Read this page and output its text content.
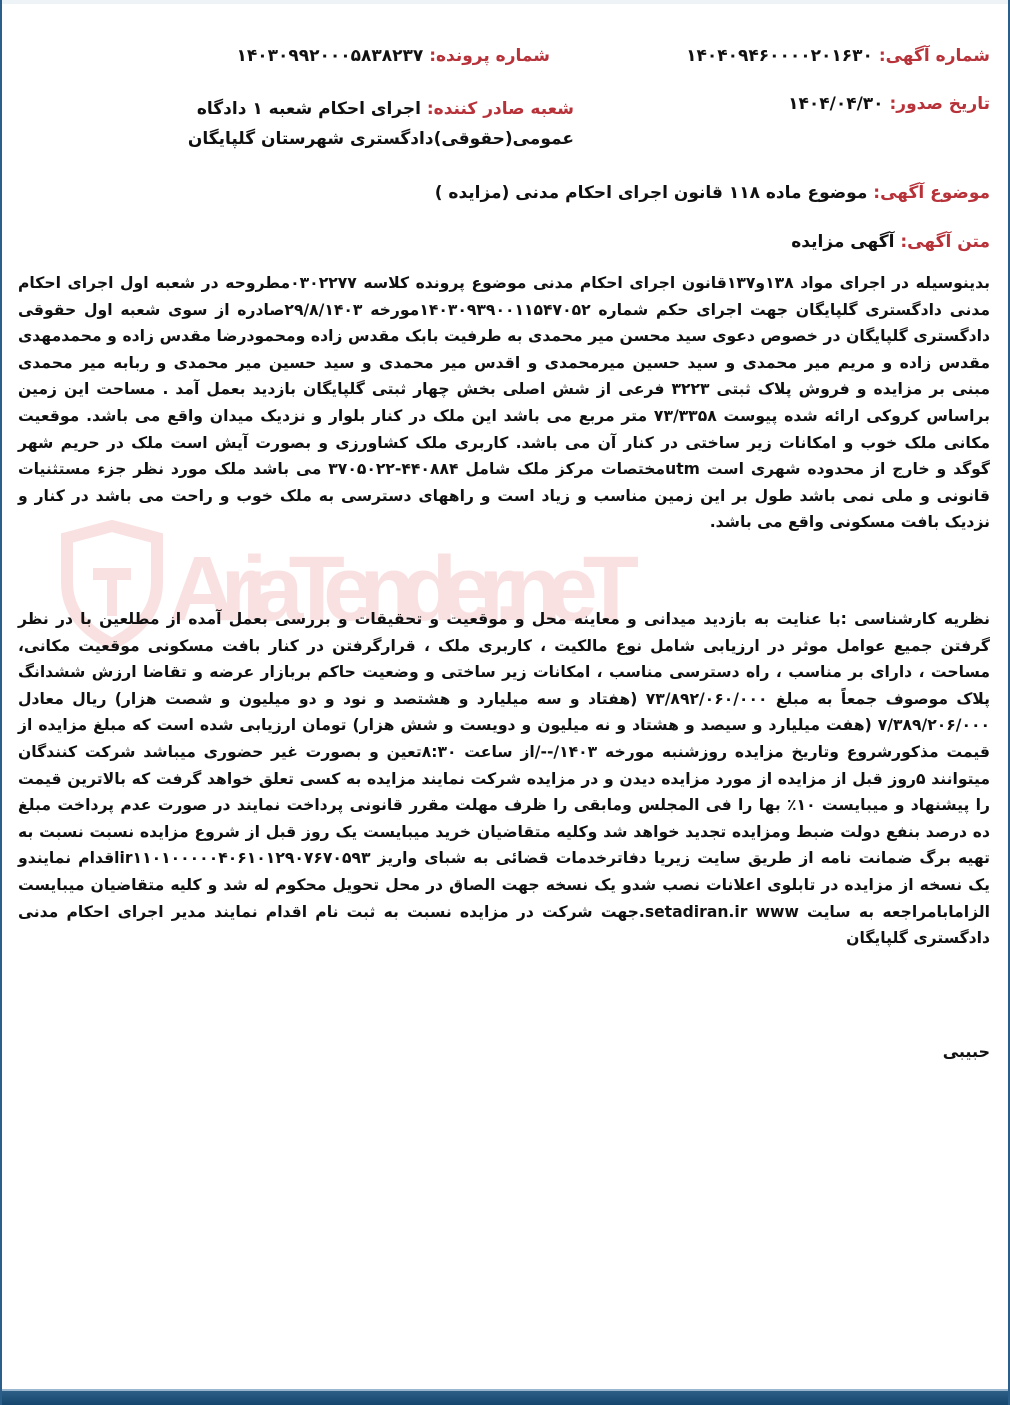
AriaTender.neT
شماره آگهی: ۱۴۰۴۰۹۴۶۰۰۰۰۲۰۱۶۳۰
شماره پرونده: ۱۴۰۳۰۹۹۲۰۰۰۵۸۳۸۲۳۷
تاریخ صدور: ۱۴۰۴/۰۴/۳۰
شعبه صادر کننده: اجرای احکام شعبه ۱ دادگاه عمومی(حقوقی)دادگستری شهرستان گلپایگان
موضوع آگهی: موضوع ماده ۱۱۸ قانون اجرای احکام مدنی (مزایده )
متن آگهی: آگهی مزایده
بدینوسیله در اجرای مواد ۱۳۸و۱۳۷قانون اجرای احکام مدنی موضوع پرونده کلاسه ۰۳۰۲۲۷۷مطروحه در شعبه اول اجرای احکام مدنی دادگستری گلپایگان جهت اجرای حکم شماره ۱۴۰۳۰۹۳۹۰۰۱۱۵۴۷۰۵۲مورخه ۲۹/۸/۱۴۰۳صادره از سوی شعبه اول حقوقی دادگستری گلپایگان در خصوص دعوی سید محسن میر محمدی به طرفیت بابک مقدس زاده ومحمودرضا مقدس زاده و محمدمهدی مقدس زاده و مریم میر محمدی و سید حسین میرمحمدی و اقدس میر محمدی و سید حسین میر محمدی و ربابه میر محمدی مبنی بر مزایده و فروش پلاک ثبتی ۳۲۲۳ فرعی از شش اصلی بخش چهار ثبتی گلپایگان بازدید بعمل آمد . مساحت این زمین براساس کروکی ارائه شده پیوست ۷۳/۳۳۵۸ متر مربع می باشد این ملک در کنار بلوار و نزدیک میدان واقع می باشد. موقعیت مکانی ملک خوب و امکانات زیر ساختی در کنار آن می باشد. کاربری ملک کشاورزی و بصورت آیش است ملک در حریم شهر گوگد و خارج از محدوده شهری است utmمختصات مرکز ملک شامل ۴۴۰۸۸۴-۳۷۰۵۰۲۲ می باشد ملک مورد نظر جزء مستثنیات قانونی و ملی نمی باشد طول بر این زمین مناسب و زیاد است و راههای دسترسی به ملک خوب و راحت می باشد در کنار و نزدیک بافت مسکونی واقع می باشد.
نظریه کارشناسی :با عنایت به بازدید میدانی و معاینه محل و موقعیت و تحقیقات و بررسی بعمل آمده از مطلعین با در نظر گرفتن جمیع عوامل موثر در ارزیابی شامل نوع مالکیت ، کاربری ملک ، قرارگرفتن در کنار بافت مسکونی موقعیت مکانی، مساحت ، دارای بر مناسب ، راه دسترسی مناسب ، امکانات زیر ساختی و وضعیت حاکم بربازار عرضه و تقاضا ارزش ششدانگ پلاک موصوف جمعاً به مبلغ ۷۳/۸۹۲/۰۶۰/۰۰۰ (هفتاد و سه میلیارد و هشتصد و نود و دو میلیون و شصت هزار) ریال معادل ۷/۳۸۹/۲۰۶/۰۰۰ (هفت میلیارد و سیصد و هشتاد و نه میلیون و دویست و شش هزار) تومان ارزیابی شده است که مبلغ مزایده از قیمت مذکورشروع وتاریخ مزایده روزشنبه مورخه ۱۴۰۳/--/از ساعت ۸:۳۰تعین و بصورت غیر حضوری میباشد شرکت کنندگان میتوانند ۵روز قبل از مزایده از مورد مزایده دیدن و در مزایده شرکت نمایند مزایده به کسی تعلق خواهد گرفت که بالاترین قیمت را پیشنهاد و میبایست ۱۰٪ بها را فی المجلس ومابقی را ظرف مهلت مقرر قانونی پرداخت نمایند در صورت عدم پرداخت مبلغ ده درصد بنفع دولت ضبط ومزایده تجدید خواهد شد وکلیه متقاضیان خرید میبایست یک روز قبل از شروع مزایده نسبت نسبت به تهیه برگ ضمانت نامه از طریق سایت زیریا دفاترخدمات قضائی به شبای واریز ir۱۱۰۱۰۰۰۰۰۴۰۶۱۰۱۲۹۰۷۶۷۰۵۹۳اقدام نمایندو یک نسخه از مزایده در تابلوی اعلانات نصب شدو یک نسخه جهت الصاق در محل تحویل محکوم له شد و کلیه متقاضیان میبایست الزامابامراجعه به سایت setadiran.ir www.جهت شرکت در مزایده نسبت به ثبت نام اقدام نمایند مدیر اجرای احکام مدنی دادگستری گلپایگان
حبیبی
